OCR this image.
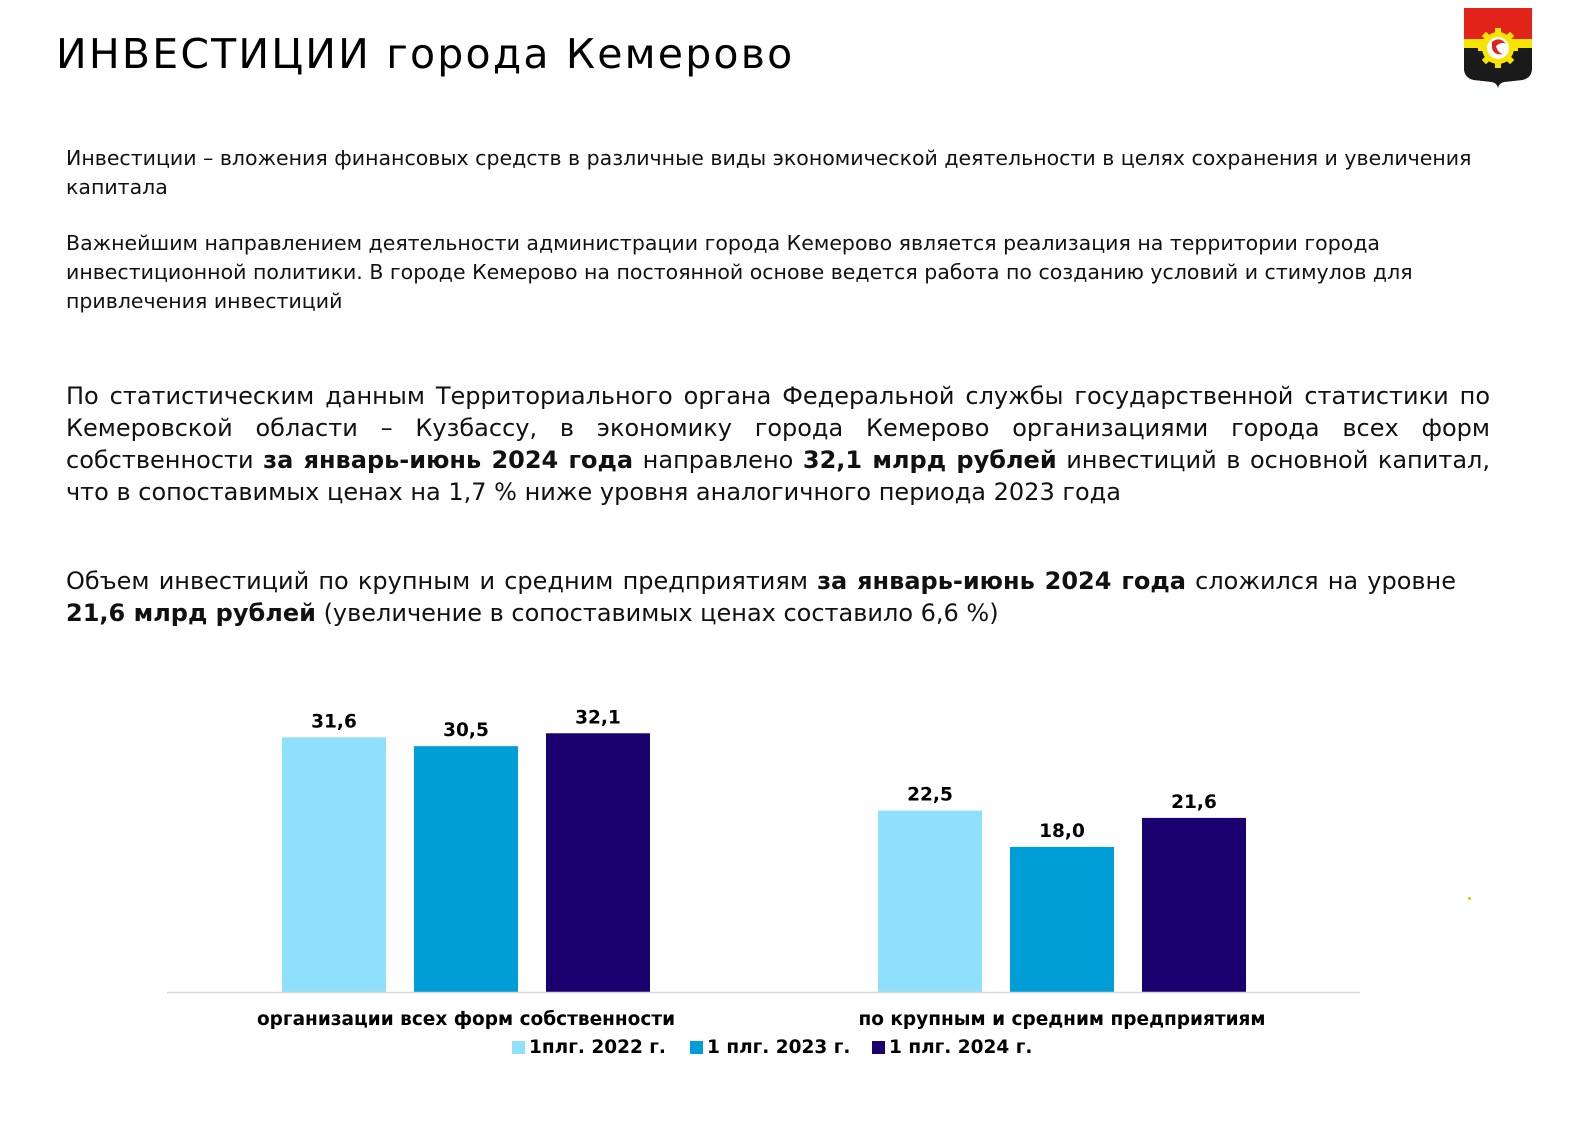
ИНВЕСТИЦИИ города Кемерово
Инвестиции – вложения финансовых средств в различные виды экономической деятельности в целях сохранения и увеличения капитала
Важнейшим направлением деятельности администрации города Кемерово является реализация на территории города инвестиционной политики. В городе Кемерово на постоянной основе ведется работа по созданию условий и стимулов для привлечения инвестиций
По статистическим данным Территориального органа Федеральной службы государственной статистики по Кемеровской области – Кузбассу, в экономику города Кемерово организациями города всех форм собственности за январь-июнь 2024 года направлено 32,1 млрд рублей инвестиций в основной капитал, что в сопоставимых ценах на 1,7 % ниже уровня аналогичного периода 2023 года
Объем инвестиций по крупным и средним предприятиям за январь-июнь 2024 года сложился на уровне 21,6 млрд рублей (увеличение в сопоставимых ценах составило 6,6 %)
31,6	30,5
32,1
организации всех форм собственности
22,5
18,0
21,6
по крупным и средним предприятиям
1плг. 2022 г. 1 плг. 2023 г. 1 плг. 2024 г.
